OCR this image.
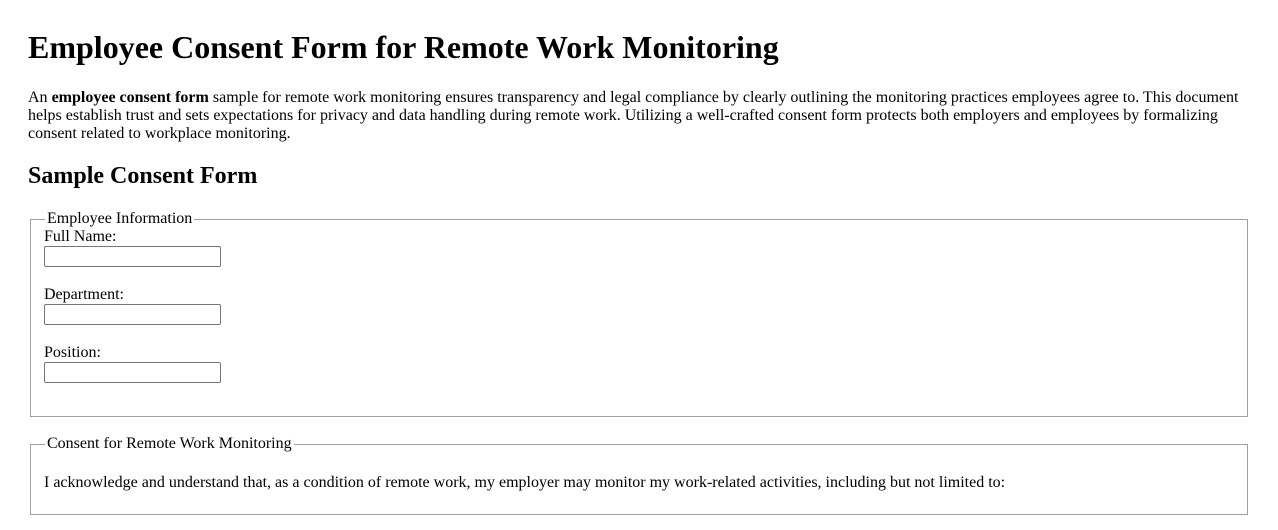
Employee Consent Form for Remote Work Monitoring

An employee consent form sample for remote work monitoring ensures transparency and legal compliance by clearly outlining the monitoring practices employees agree to. This document helps establish trust and sets expectations for privacy and data handling during remote work. Utilizing a well-crafted consent form protects both employers and employees by formalizing consent related to workplace monitoring.

Sample Consent Form
Employee Information
Full Name:
Department:
Position:
Consent for Remote Work Monitoring

I acknowledge and understand that, as a condition of remote work, my employer may monitor my work-related activities, including but not limited to:
